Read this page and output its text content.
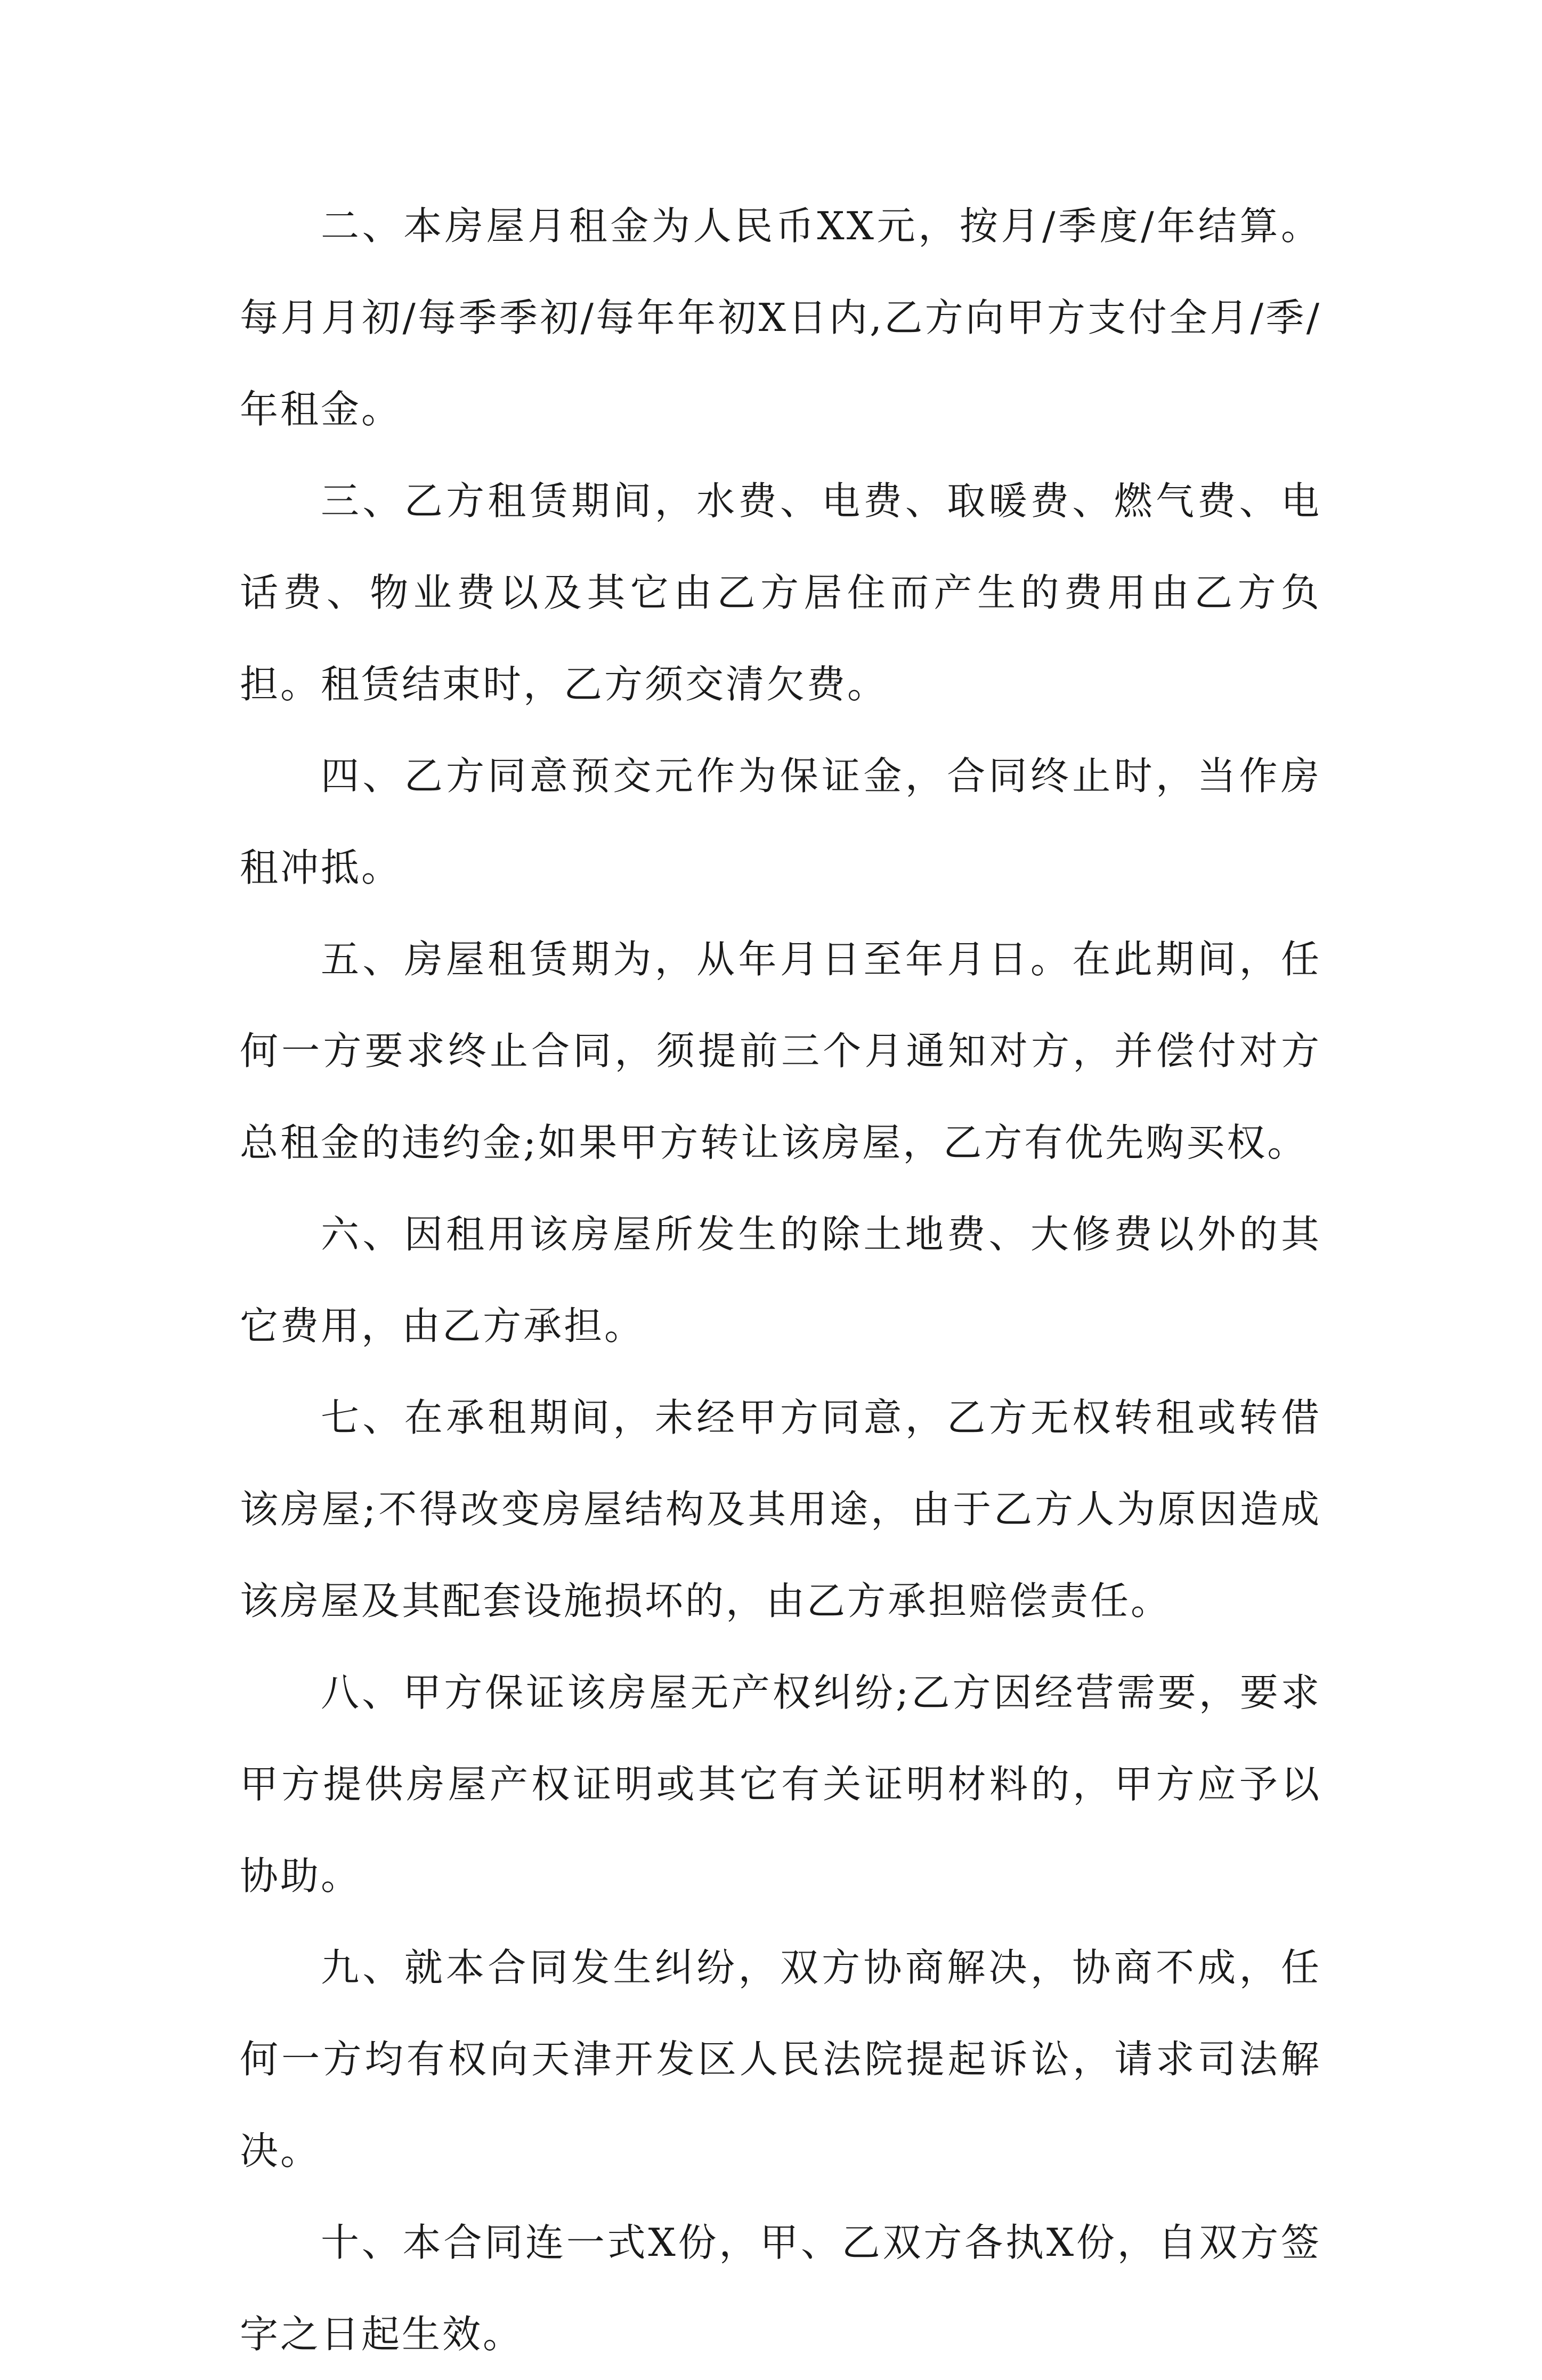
二、本房屋月租金为人民币XX元，按月/季度/年结算。每月月初/每季季初/每年年初X日内,乙方向甲方支付全月/季/年租金。

三、乙方租赁期间，水费、电费、取暖费、燃气费、电话费、物业费以及其它由乙方居住而产生的费用由乙方负担。租赁结束时，乙方须交清欠费。

四、乙方同意预交元作为保证金，合同终止时，当作房租冲抵。

五、房屋租赁期为，从年月日至年月日。在此期间，任何一方要求终止合同，须提前三个月通知对方，并偿付对方总租金的违约金;如果甲方转让该房屋，乙方有优先购买权。

六、因租用该房屋所发生的除土地费、大修费以外的其它费用，由乙方承担。

七、在承租期间，未经甲方同意，乙方无权转租或转借该房屋;不得改变房屋结构及其用途，由于乙方人为原因造成该房屋及其配套设施损坏的，由乙方承担赔偿责任。

八、甲方保证该房屋无产权纠纷;乙方因经营需要，要求甲方提供房屋产权证明或其它有关证明材料的，甲方应予以协助。

九、就本合同发生纠纷，双方协商解决，协商不成，任何一方均有权向天津开发区人民法院提起诉讼，请求司法解决。

十、本合同连一式X份，甲、乙双方各执X份，自双方签字之日起生效。
